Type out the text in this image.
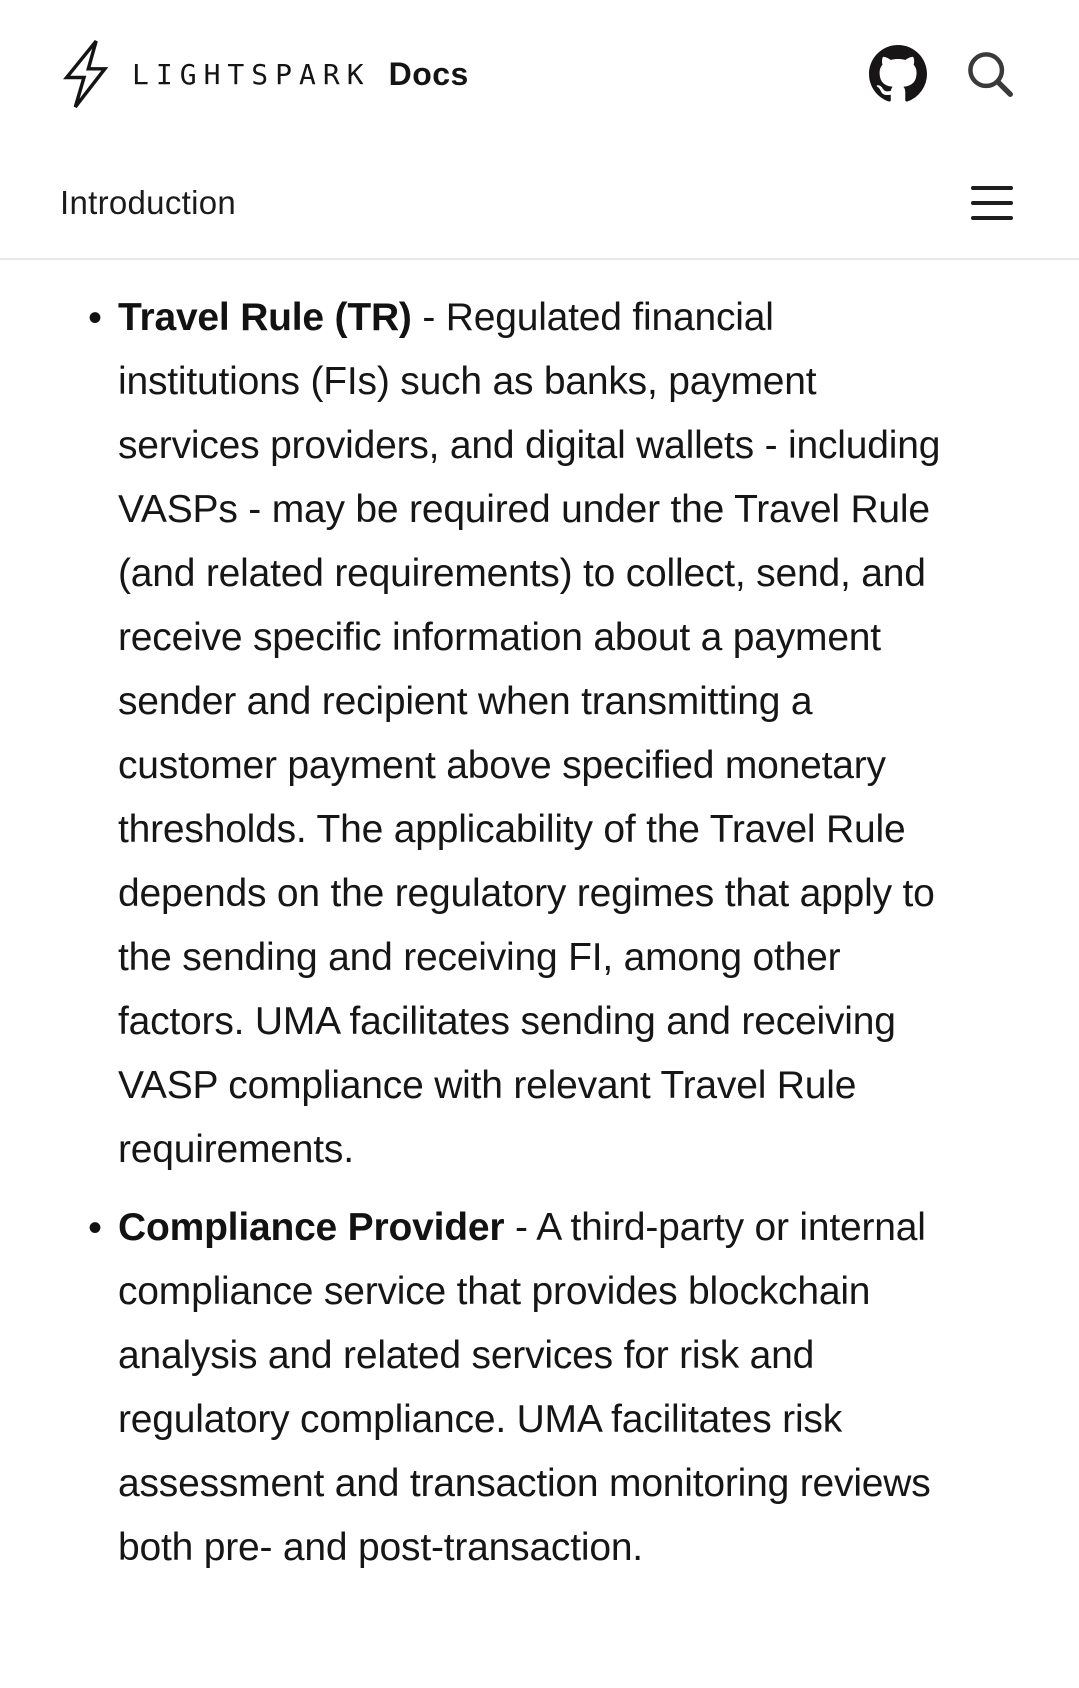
LIGHTSPARK Docs
Introduction
• Travel Rule (TR) - Regulated financial institutions (FIs) such as banks, payment services providers, and digital wallets - including VASPs - may be required under the Travel Rule (and related requirements) to collect, send, and receive specific information about a payment sender and recipient when transmitting a customer payment above specified monetary thresholds. The applicability of the Travel Rule depends on the regulatory regimes that apply to the sending and receiving FI, among other factors. UMA facilitates sending and receiving VASP compliance with relevant Travel Rule requirements.
• Compliance Provider - A third-party or internal compliance service that provides blockchain analysis and related services for risk and regulatory compliance. UMA facilitates risk assessment and transaction monitoring reviews both pre- and post-transaction.
